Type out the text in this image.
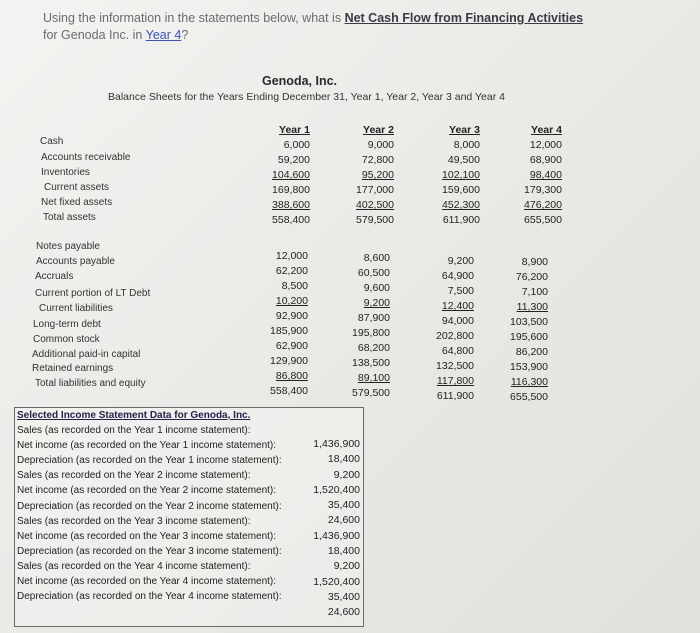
Using the information in the statements below, what is Net Cash Flow from Financing Activities
for Genoda Inc. in Year 4?
Genoda, Inc.
Balance Sheets for the Years Ending December 31, Year 1, Year 2, Year 3 and Year 4
Cash
Accounts receivable
Inventories
Current assets
Net fixed assets
Total assets
Notes payable
Accounts payable
Accruals
Current portion of LT Debt
Current liabilities
Long-term debt
Common stock
Additional paid-in capital
Retained earnings
Total liabilities and equity
Year 1
6,000
59,200
104,600
169,800
388,600
558,400
12,000
62,200
8,500
10,200
92,900
185,900
62,900
129,900
86,800
558,400
Year 2
9,000
72,800
95,200
177,000
402,500
579,500
8,600
60,500
9,600
9,200
87,900
195,800
68,200
138,500
89,100
579,500
Year 3
8,000
49,500
102,100
159,600
452,300
611,900
9,200
64,900
7,500
12,400
94,000
202,800
64,800
132,500
117,800
611,900
Year 4
12,000
68,900
98,400
179,300
476,200
655,500
8,900
76,200
7,100
11,300
103,500
195,600
86,200
153,900
116,300
655,500
Selected Income Statement Data for Genoda, Inc.
Sales (as recorded on the Year 1 income statement):
Net income (as recorded on the Year 1 income statement):
Depreciation (as recorded on the Year 1 income statement):
Sales (as recorded on the Year 2 income statement):
Net income (as recorded on the Year 2 income statement):
Depreciation (as recorded on the Year 2 income statement):
Sales (as recorded on the Year 3 income statement):
Net income (as recorded on the Year 3 income statement):
Depreciation (as recorded on the Year 3 income statement):
Sales (as recorded on the Year 4 income statement):
Net income (as recorded on the Year 4 income statement):
Depreciation (as recorded on the Year 4 income statement):
1,436,900
18,400
9,200
1,520,400
35,400
24,600
1,436,900
18,400
9,200
1,520,400
35,400
24,600
